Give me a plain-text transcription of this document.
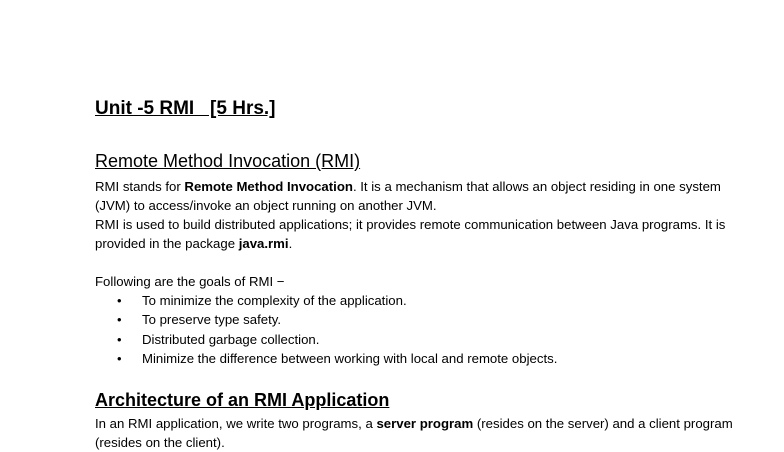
Unit -5 RMI   [5 Hrs.]
Remote Method Invocation (RMI)
RMI stands for Remote Method Invocation. It is a mechanism that allows an object residing in one system (JVM) to access/invoke an object running on another JVM.
RMI is used to build distributed applications; it provides remote communication between Java programs. It is provided in the package java.rmi.
Following are the goals of RMI −
• To minimize the complexity of the application.
• To preserve type safety.
• Distributed garbage collection.
• Minimize the difference between working with local and remote objects.
Architecture of an RMI Application
In an RMI application, we write two programs, a server program (resides on the server) and a client program (resides on the client).
